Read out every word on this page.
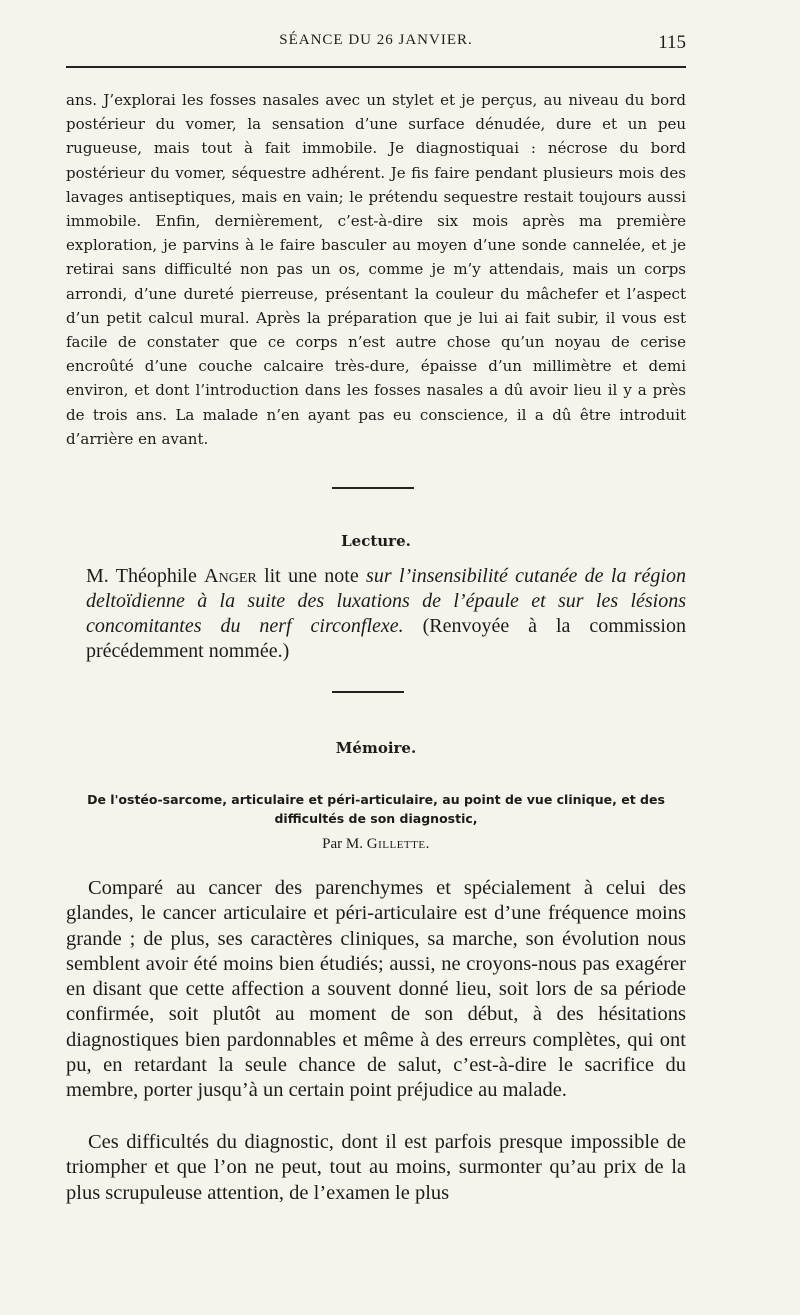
SÉANCE DU 26 JANVIER.	115

ans. J’explorai les fosses nasales avec un stylet et je perçus, au niveau du bord postérieur du vomer, la sensation d’une surface dénudée, dure et un peu rugueuse, mais tout à fait immobile. Je diagnostiquai : nécrose du bord postérieur du vomer, séquestre adhérent. Je fis faire pendant plusieurs mois des lavages antiseptiques, mais en vain; le prétendu sequestre restait toujours aussi immobile. Enfin, dernièrement, c’est-à-dire six mois après ma première exploration, je parvins à le faire basculer au moyen d’une sonde cannelée, et je retirai sans difficulté non pas un os, comme je m’y attendais, mais un corps arrondi, d’une dureté pierreuse, présentant la couleur du mâchefer et l’aspect d’un petit calcul mural. Après la préparation que je lui ai fait subir, il vous est facile de constater que ce corps n’est autre chose qu’un noyau de cerise encroûté d’une couche calcaire très-dure, épaisse d’un millimètre et demi environ, et dont l’introduction dans les fosses nasales a dû avoir lieu il y a près de trois ans. La malade n’en ayant pas eu conscience, il a dû être introduit d’arrière en avant.

Lecture.

M. Théophile Anger lit une note sur l’insensibilité cutanée de la région deltoïdienne à la suite des luxations de l’épaule et sur les lésions concomitantes du nerf circonflexe. (Renvoyée à la commission précédemment nommée.)

Mémoire.

De l'ostéo-sarcome, articulaire et péri-articulaire, au point de vue clinique, et des difficultés de son diagnostic,

Par M. Gillette.

Comparé au cancer des parenchymes et spécialement à celui des glandes, le cancer articulaire et péri-articulaire est d’une fréquence moins grande ; de plus, ses caractères cliniques, sa marche, son évolution nous semblent avoir été moins bien étudiés; aussi, ne croyons-nous pas exagérer en disant que cette affection a souvent donné lieu, soit lors de sa période confirmée, soit plutôt au moment de son début, à des hésitations diagnostiques bien pardonnables et même à des erreurs complètes, qui ont pu, en retardant la seule chance de salut, c’est-à-dire le sacrifice du membre, porter jusqu’à un certain point préjudice au malade.

Ces difficultés du diagnostic, dont il est parfois presque impossible de triompher et que l’on ne peut, tout au moins, surmonter qu’au prix de la plus scrupuleuse attention, de l’examen le plus
